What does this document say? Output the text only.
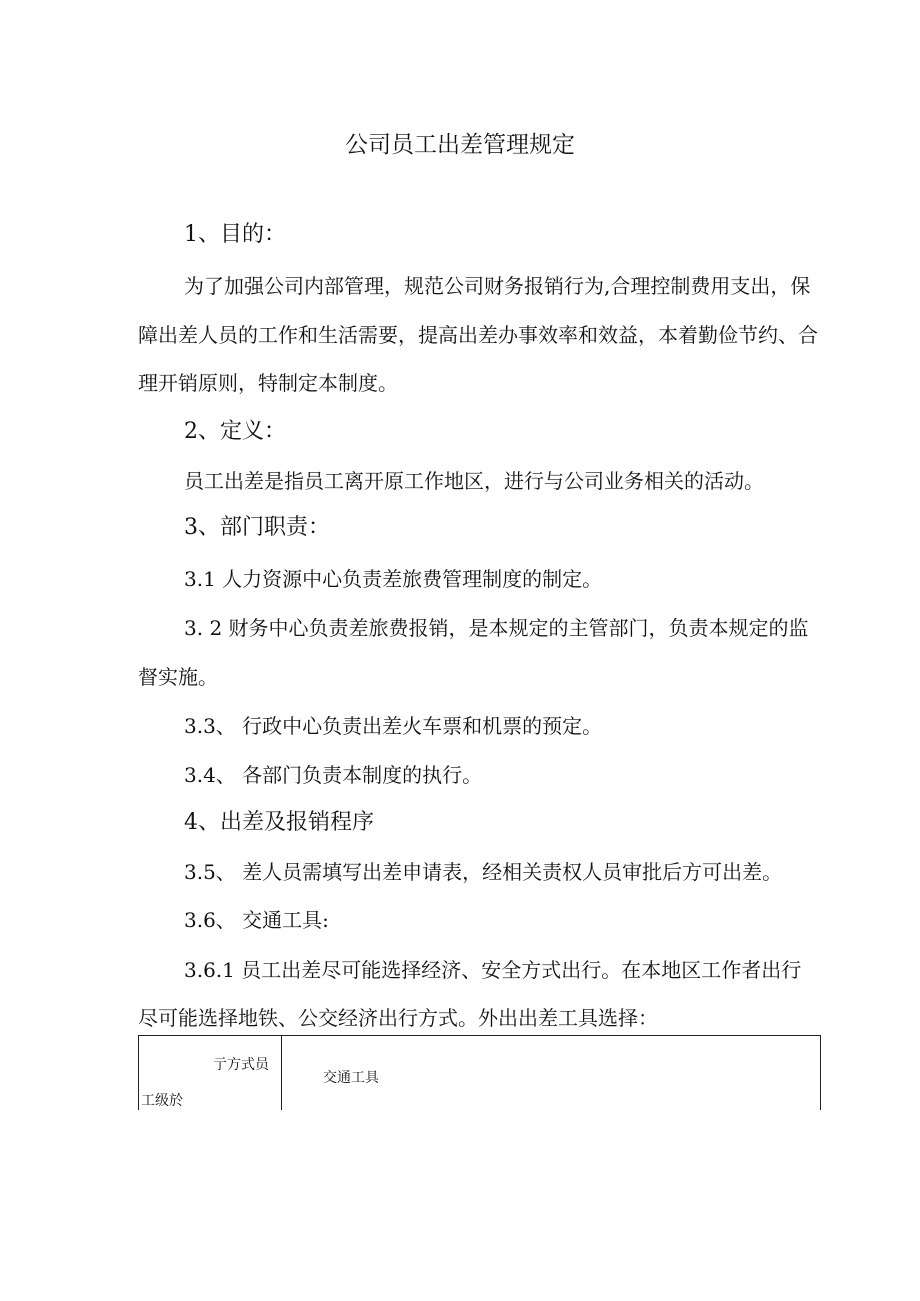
公司员工出差管理规定
1、目的：
为了加强公司内部管理，规范公司财务报销行为,合理控制费用支出，保
障出差人员的工作和生活需要，提高出差办事效率和效益，本着勤俭节约、合
理开销原则，特制定本制度。
2、定义：
员工出差是指员工离开原工作地区，进行与公司业务相关的活动。
3、部门职责：
3.1 人力资源中心负责差旅费管理制度的制定。
3. 2 财务中心负责差旅费报销，是本规定的主管部门，负责本规定的监
督实施。
3.3、 行政中心负责出差火车票和机票的预定。
3.4、 各部门负责本制度的执行。
4、出差及报销程序
3.5、 差人员需填写出差申请表，经相关责权人员审批后方可出差。
3.6、 交通工具:
3.6.1 员工出差尽可能选择经济、安全方式出行。在本地区工作者出行
尽可能选择地铁、公交经济出行方式。外出出差工具选择：
亍方式员
工级於
交通工具
